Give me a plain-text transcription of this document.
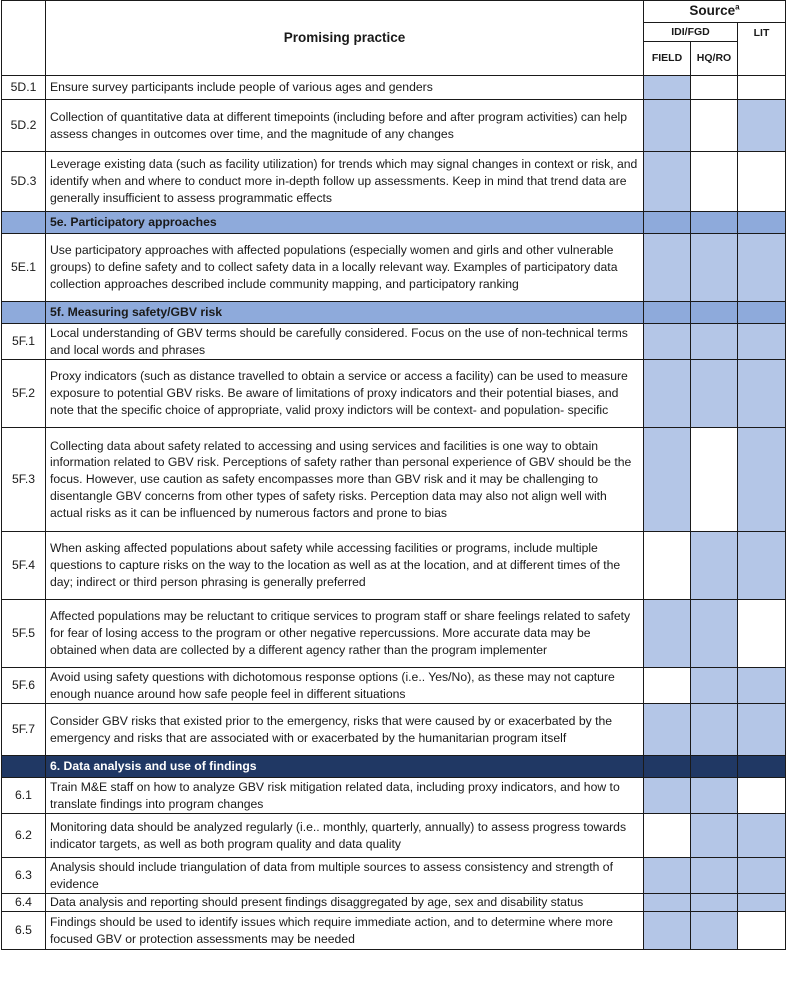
	Promising practice	Source$^a$
		IDI/FGD		LIT
		FIELD	HQ/RO	
5D.1	Ensure survey participants include people of various ages and genders			
5D.2	Collection of quantitative data at different timepoints (including before and after program activities) can help assess changes in outcomes over time, and the magnitude of any changes			
5D.3	Leverage existing data (such as facility utilization) for trends which may signal changes in context or risk, and identify when and where to conduct more in-depth follow up assessments. Keep in mind that trend data are generally insufficient to assess programmatic effects			
	5e. Participatory approaches			
5E.1	Use participatory approaches with affected populations (especially women and girls and other vulnerable groups) to define safety and to collect safety data in a locally relevant way. Examples of participatory data collection approaches described include community mapping, and participatory ranking			
	5f. Measuring safety/GBV risk			
5F.1	Local understanding of GBV terms should be carefully considered. Focus on the use of non-technical terms and local words and phrases			
5F.2	Proxy indicators (such as distance travelled to obtain a service or access a facility) can be used to measure exposure to potential GBV risks. Be aware of limitations of proxy indicators and their potential biases, and note that the specific choice of appropriate, valid proxy indictors will be context- and population- specific			
5F.3	Collecting data about safety related to accessing and using services and facilities is one way to obtain information related to GBV risk. Perceptions of safety rather than personal experience of GBV should be the focus. However, use caution as safety encompasses more than GBV risk and it may be challenging to disentangle GBV concerns from other types of safety risks. Perception data may also not align well with actual risks as it can be influenced by numerous factors and prone to bias			
5F.4	When asking affected populations about safety while accessing facilities or programs, include multiple questions to capture risks on the way to the location as well as at the location, and at different times of the day; indirect or third person phrasing is generally preferred			
5F.5	Affected populations may be reluctant to critique services to program staff or share feelings related to safety for fear of losing access to the program or other negative repercussions. More accurate data may be obtained when data are collected by a different agency rather than the program implementer			
5F.6	Avoid using safety questions with dichotomous response options (i.e.. Yes/No), as these may not capture enough nuance around how safe people feel in different situations			
5F.7	Consider GBV risks that existed prior to the emergency, risks that were caused by or exacerbated by the emergency and risks that are associated with or exacerbated by the humanitarian program itself			
	6. Data analysis and use of findings			
6.1	Train M&E staff on how to analyze GBV risk mitigation related data, including proxy indicators, and how to translate findings into program changes			
6.2	Monitoring data should be analyzed regularly (i.e.. monthly, quarterly, annually) to assess progress towards indicator targets, as well as both program quality and data quality			
6.3	Analysis should include triangulation of data from multiple sources to assess consistency and strength of evidence			
6.4	Data analysis and reporting should present findings disaggregated by age, sex and disability status			
6.5	Findings should be used to identify issues which require immediate action, and to determine where more focused GBV or protection assessments may be needed			
